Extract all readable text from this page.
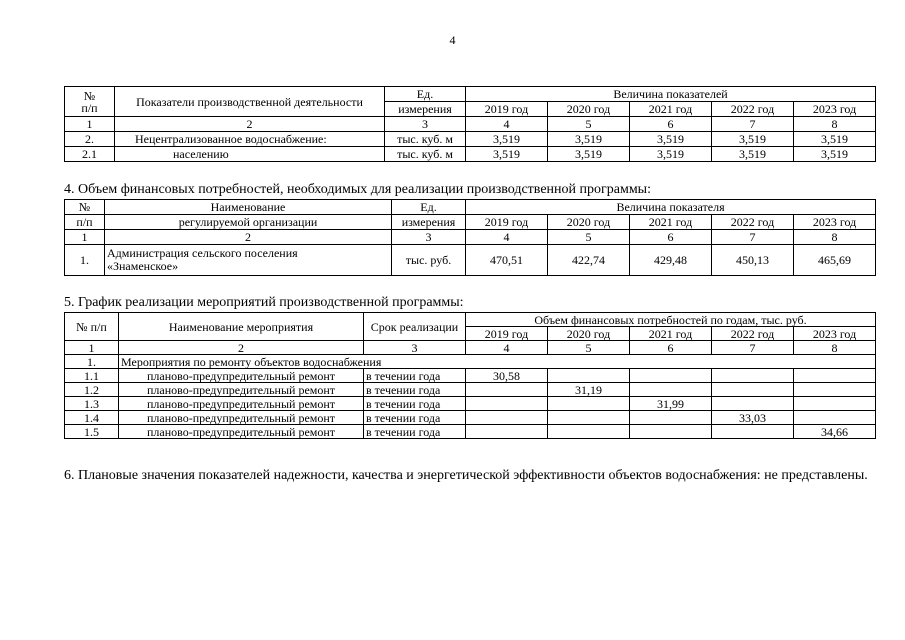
4
№
п/п	Показатели производственной деятельности	Ед.	Величина показателей				
		измерения	2019 год	2020 год	2021 год	2022 год	2023 год
1	2	3	4	5	6	7	8
2.	Нецентрализованное водоснабжение:	тыс. куб. м	3,519	3,519	3,519	3,519	3,519
2.1	населению	тыс. куб. м	3,519	3,519	3,519	3,519	3,519
4. Объем финансовых потребностей, необходимых для реализации производственной программы:
№	Наименование	Ед.	Величина показателя				
п/п	регулируемой организации	измерения	2019 год	2020 год	2021 год	2022 год	2023 год
1	2	3	4	5	6	7	8
1.	Администрация сельского поселения
«Знаменское»	тыс. руб.	470,51	422,74	429,48	450,13	465,69
5. График реализации мероприятий производственной программы:
№ п/п	Наименование мероприятия	Срок реализации	Объем финансовых потребностей по годам, тыс. руб.				
			2019 год	2020 год	2021 год	2022 год	2023 год
1	2	3	4	5	6	7	8
1.	Мероприятия по ремонту объектов водоснабжения						
1.1	планово-предупредительный ремонт	в течении года	30,58				
1.2	планово-предупредительный ремонт	в течении года		31,19			
1.3	планово-предупредительный ремонт	в течении года			31,99		
1.4	планово-предупредительный ремонт	в течении года				33,03	
1.5	планово-предупредительный ремонт	в течении года					34,66
6. Плановые значения показателей надежности, качества и энергетической эффективности объектов водоснабжения: не представлены.
